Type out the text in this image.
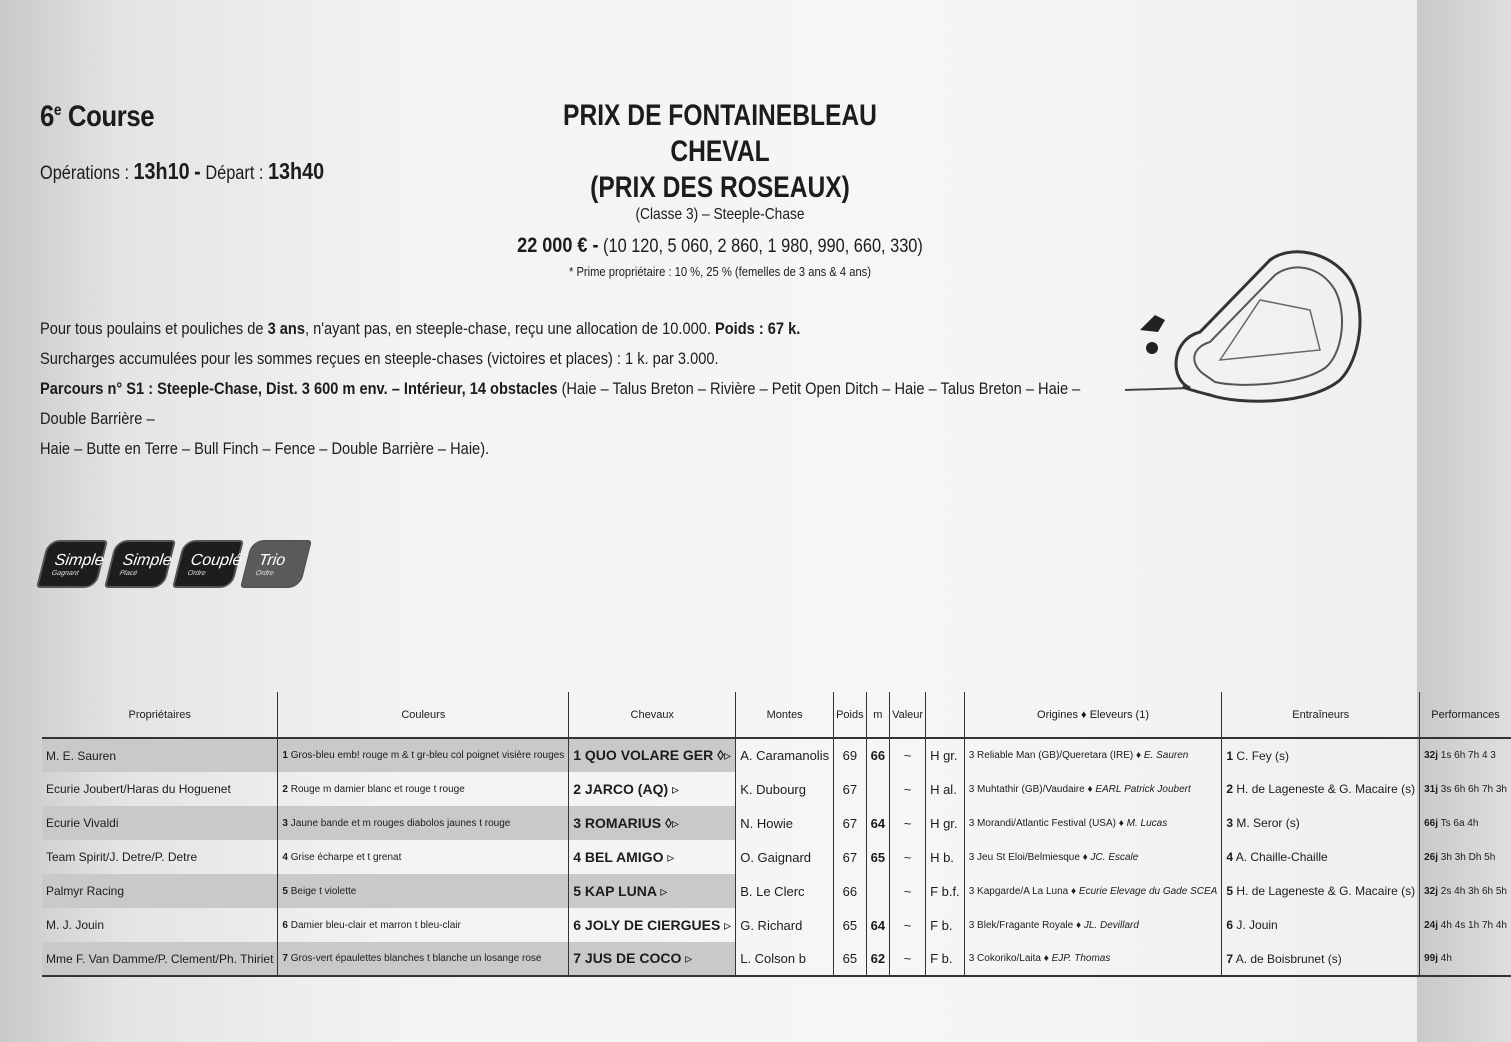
6e Course
Opérations : 13h10 - Départ : 13h40
PRIX DE FONTAINEBLEAU CHEVAL
(PRIX DES ROSEAUX)
(Classe 3) – Steeple-Chase
22 000 € - (10 120, 5 060, 2 860, 1 980, 990, 660, 330)
* Prime propriétaire : 10 %, 25 % (femelles de 3 ans & 4 ans)
Pour tous poulains et pouliches de 3 ans, n'ayant pas, en steeple-chase, reçu une allocation de 10.000. Poids : 67 k.
Surcharges accumulées pour les sommes reçues en steeple-chases (victoires et places) : 1 k. par 3.000.
Parcours n° S1 : Steeple-Chase, Dist. 3 600 m env. – Intérieur, 14 obstacles (Haie – Talus Breton – Rivière – Petit Open Ditch – Haie – Talus Breton – Haie – Double Barrière –
Haie – Butte en Terre – Bull Finch – Fence – Double Barrière – Haie).
Simple
Gagnant
Simple
Placé
Couplé
Ordre
Trio
Ordre
Propriétaires	Couleurs	Chevaux	Montes	Poids	m	Valeur		Origines ♦ Eleveurs (1)	Entraîneurs	Performances
M. E. Sauren	1 Gros-bleu emb! rouge m & t gr-bleu col poignet visière rouges	1 QUO VOLARE GER ◊▹	A. Caramanolis	69	66	~	H gr.	3 Reliable Man (GB)/Queretara (IRE) ♦ E. Sauren	1 C. Fey (s)	32j 1s 6h 7h 4 3
Ecurie Joubert/Haras du Hoguenet	2 Rouge m damier blanc et rouge t rouge	2 JARCO (AQ) ▹	K. Dubourg	67		~	H al.	3 Muhtathir (GB)/Vaudaire ♦ EARL Patrick Joubert	2 H. de Lageneste & G. Macaire (s)	31j 3s 6h 6h 7h 3h
Ecurie Vivaldi	3 Jaune bande et m rouges diabolos jaunes t rouge	3 ROMARIUS ◊▹	N. Howie	67	64	~	H gr.	3 Morandi/Atlantic Festival (USA) ♦ M. Lucas	3 M. Seror (s)	66j Ts 6a 4h
Team Spirit/J. Detre/P. Detre	4 Grise écharpe et t grenat	4 BEL AMIGO ▹	O. Gaignard	67	65	~	H b.	3 Jeu St Eloi/Belmiesque ♦ JC. Escale	4 A. Chaille-Chaille	26j 3h 3h Dh 5h
Palmyr Racing	5 Beige t violette	5 KAP LUNA ▹	B. Le Clerc	66		~	F b.f.	3 Kapgarde/A La Luna ♦ Ecurie Elevage du Gade SCEA	5 H. de Lageneste & G. Macaire (s)	32j 2s 4h 3h 6h 5h
M. J. Jouin	6 Damier bleu-clair et marron t bleu-clair	6 JOLY DE CIERGUES ▹	G. Richard	65	64	~	F b.	3 Blek/Fragante Royale ♦ JL. Devillard	6 J. Jouin	24j 4h 4s 1h 7h 4h
Mme F. Van Damme/P. Clement/Ph. Thiriet	7 Gros-vert épaulettes blanches t blanche un losange rose	7 JUS DE COCO ▹	L. Colson b	65	62	~	F b.	3 Cokoriko/Laita ♦ EJP. Thomas	7 A. de Boisbrunet (s)	99j 4h
